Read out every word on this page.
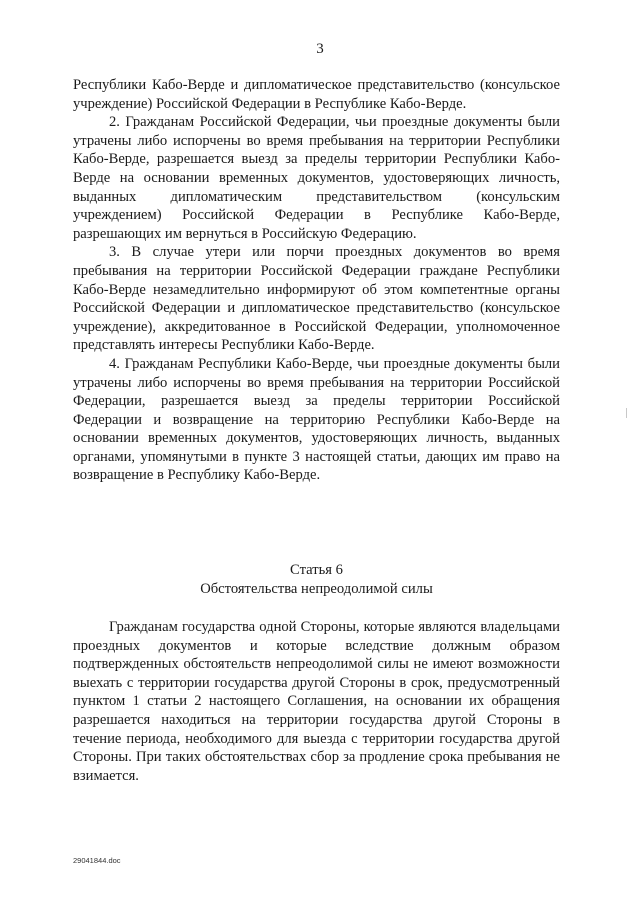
3

Республики Кабо-Верде и дипломатическое представительство (консульское учреждение) Российской Федерации в Республике Кабо-Верде.

2. Гражданам Российской Федерации, чьи проездные документы были утрачены либо испорчены во время пребывания на территории Республики Кабо-Верде, разрешается выезд за пределы территории Республики Кабо-Верде на основании временных документов, удостоверяющих личность, выданных дипломатическим представительством (консульским учреждением) Российской Федерации в Республике Кабо-Верде, разрешающих им вернуться в Российскую Федерацию.

3. В случае утери или порчи проездных документов во время пребывания на территории Российской Федерации граждане Республики Кабо-Верде незамедлительно информируют об этом компетентные органы Российской Федерации и дипломатическое представительство (консульское учреждение), аккредитованное в Российской Федерации, уполномоченное представлять интересы Республики Кабо-Верде.

4. Гражданам Республики Кабо-Верде, чьи проездные документы были утрачены либо испорчены во время пребывания на территории Российской Федерации, разрешается выезд за пределы территории Российской Федерации и возвращение на территорию Республики Кабо-Верде на основании временных документов, удостоверяющих личность, выданных органами, упомянутыми в пункте 3 настоящей статьи, дающих им право на возвращение в Республику Кабо-Верде.

Статья 6
Обстоятельства непреодолимой силы

Гражданам государства одной Стороны, которые являются владельцами проездных документов и которые вследствие должным образом подтвержденных обстоятельств непреодолимой силы не имеют возможности выехать с территории государства другой Стороны в срок, предусмотренный пунктом 1 статьи 2 настоящего Соглашения, на основании их обращения разрешается находиться на территории государства другой Стороны в течение периода, необходимого для выезда с территории государства другой Стороны. При таких обстоятельствах сбор за продление срока пребывания не взимается.

29041844.doc
